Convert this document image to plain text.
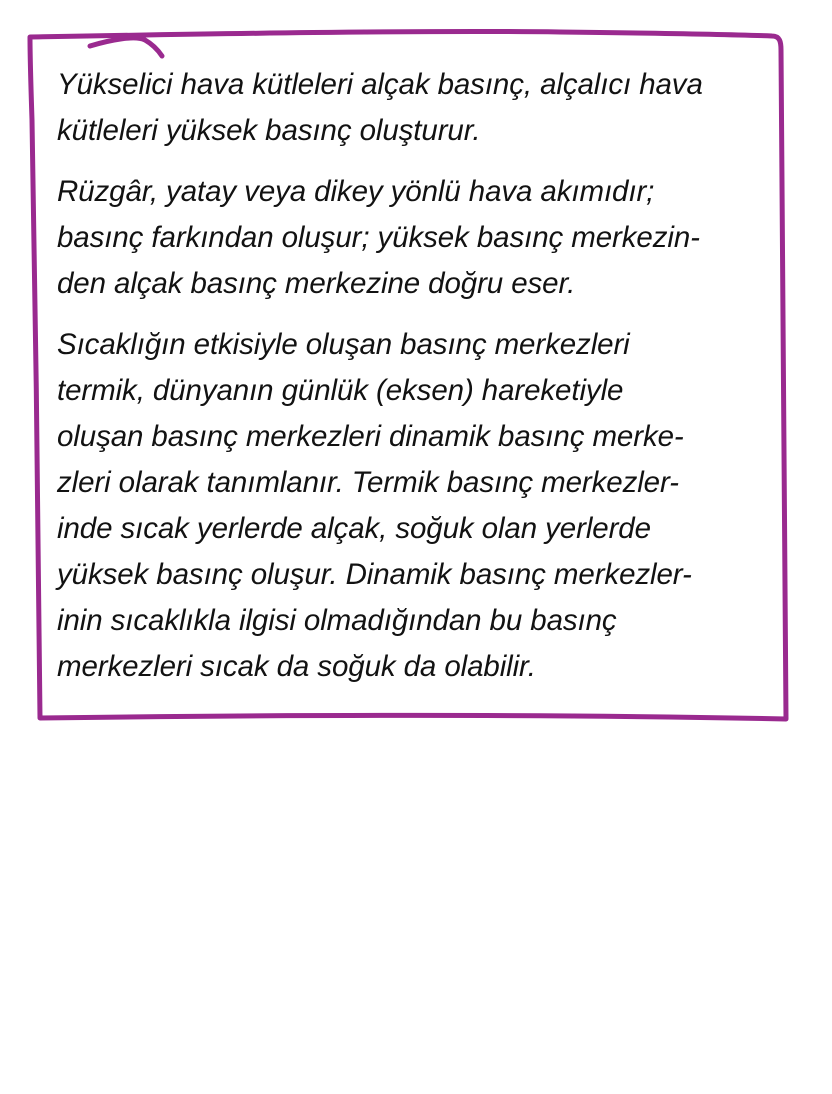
Yükselici hava kütleleri alçak basınç, alçalıcı hava
kütleleri yüksek basınç oluşturur.

Rüzgâr, yatay veya dikey yönlü hava akımıdır;
basınç farkından oluşur; yüksek basınç merkezin-
den alçak basınç merkezine doğru eser.

Sıcaklığın etkisiyle oluşan basınç merkezleri
termik, dünyanın günlük (eksen) hareketiyle
oluşan basınç merkezleri dinamik basınç merke-
zleri olarak tanımlanır. Termik basınç merkezler-
inde sıcak yerlerde alçak, soğuk olan yerlerde
yüksek basınç oluşur. Dinamik basınç merkezler-
inin sıcaklıkla ilgisi olmadığından bu basınç
merkezleri sıcak da soğuk da olabilir.
